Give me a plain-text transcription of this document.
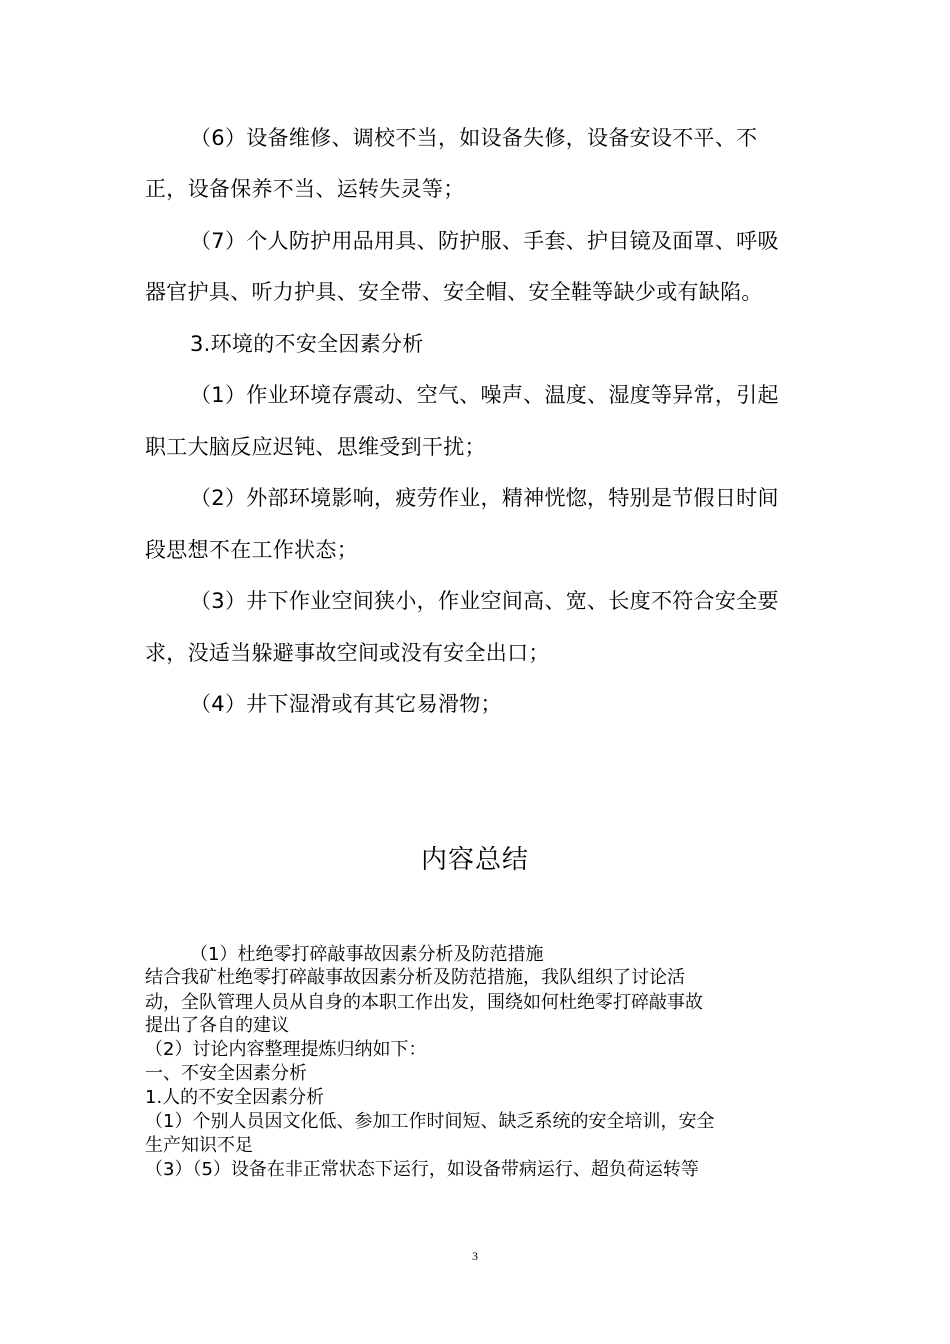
（6）设备维修、调校不当，如设备失修，设备安设不平、不
正，设备保养不当、运转失灵等；
（7）个人防护用品用具、防护服、手套、护目镜及面罩、呼吸
器官护具、听力护具、安全带、安全帽、安全鞋等缺少或有缺陷。
3.环境的不安全因素分析
（1）作业环境存震动、空气、噪声、温度、湿度等异常，引起
职工大脑反应迟钝、思维受到干扰；
（2）外部环境影响，疲劳作业，精神恍惚，特别是节假日时间
段思想不在工作状态；
（3）井下作业空间狭小，作业空间高、宽、长度不符合安全要
求，没适当躲避事故空间或没有安全出口；
（4）井下湿滑或有其它易滑物；
内容总结
（1）杜绝零打碎敲事故因素分析及防范措施
结合我矿杜绝零打碎敲事故因素分析及防范措施，我队组织了讨论活
动，全队管理人员从自身的本职工作出发，围绕如何杜绝零打碎敲事故
提出了各自的建议
（2）讨论内容整理提炼归纳如下：
一、不安全因素分析
1.人的不安全因素分析
（1）个别人员因文化低、参加工作时间短、缺乏系统的安全培训，安全
生产知识不足
（3）（5）设备在非正常状态下运行，如设备带病运行、超负荷运转等
3
